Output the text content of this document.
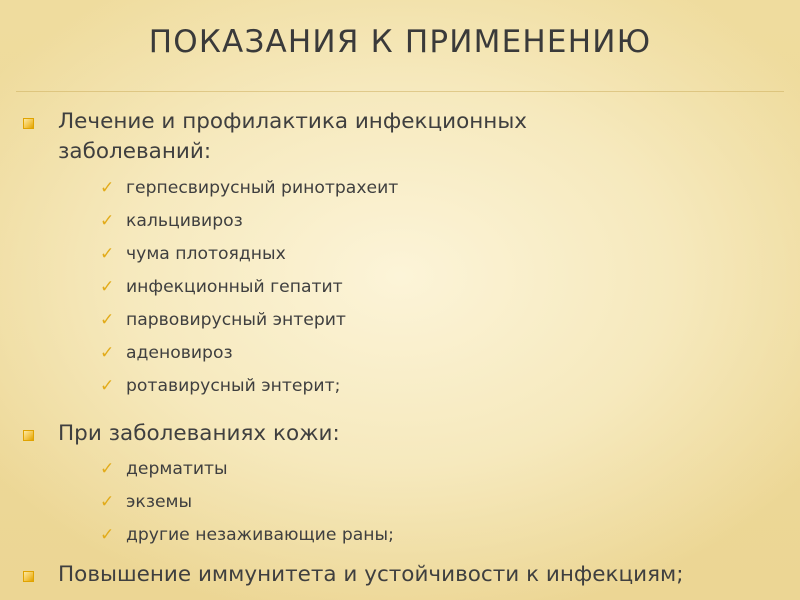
ПОКАЗАНИЯ К ПРИМЕНЕНИЮ
Лечение и профилактика инфекционных
заболеваний:
✓ герпесвирусный ринотрахеит
✓ кальцивироз
✓ чума плотоядных
✓ инфекционный гепатит
✓ парвовирусный энтерит
✓ аденовироз
✓ ротавирусный энтерит;
При заболеваниях кожи:
✓ дерматиты
✓ экземы
✓ другие незаживающие раны;
Повышение иммунитета и устойчивости к инфекциям;
